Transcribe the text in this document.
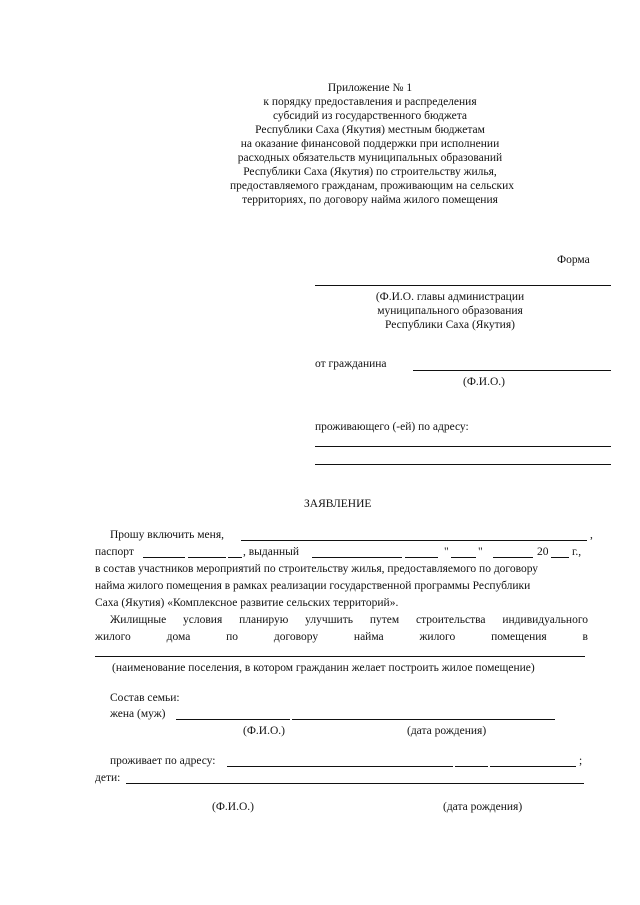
Приложение № 1
к порядку предоставления и распределения
субсидий из государственного бюджета
Республики Саха (Якутия) местным бюджетам
на оказание финансовой поддержки при исполнении
расходных обязательств муниципальных образований
Республики Саха (Якутия) по строительству жилья,
предоставляемого гражданам, проживающим на сельских
территориях, по договору найма жилого помещения
Форма
(Ф.И.О. главы администрации
муниципального образования
Республики Саха (Якутия)
от гражданина
(Ф.И.О.)
проживающего (-ей) по адресу:
ЗАЯВЛЕНИЕ
Прошу включить меня,	,
паспорт	, выданный	"	"	20 г.,
в состав участников мероприятий по строительству жилья, предоставляемого по договору
найма жилого помещения в рамках реализации государственной программы Республики
Саха (Якутия) «Комплексное развитие сельских территорий».
Жилищные условия планирую улучшить путем строительства индивидуального
жилого	дома	по	договору	найма	жилого	помещения	в
(наименование поселения, в котором гражданин желает построить жилое помещение)
Состав семьи:
жена (муж)
(Ф.И.О.)	(дата рождения)
проживает по адресу:	;
дети:
(Ф.И.О.)	(дата рождения)
